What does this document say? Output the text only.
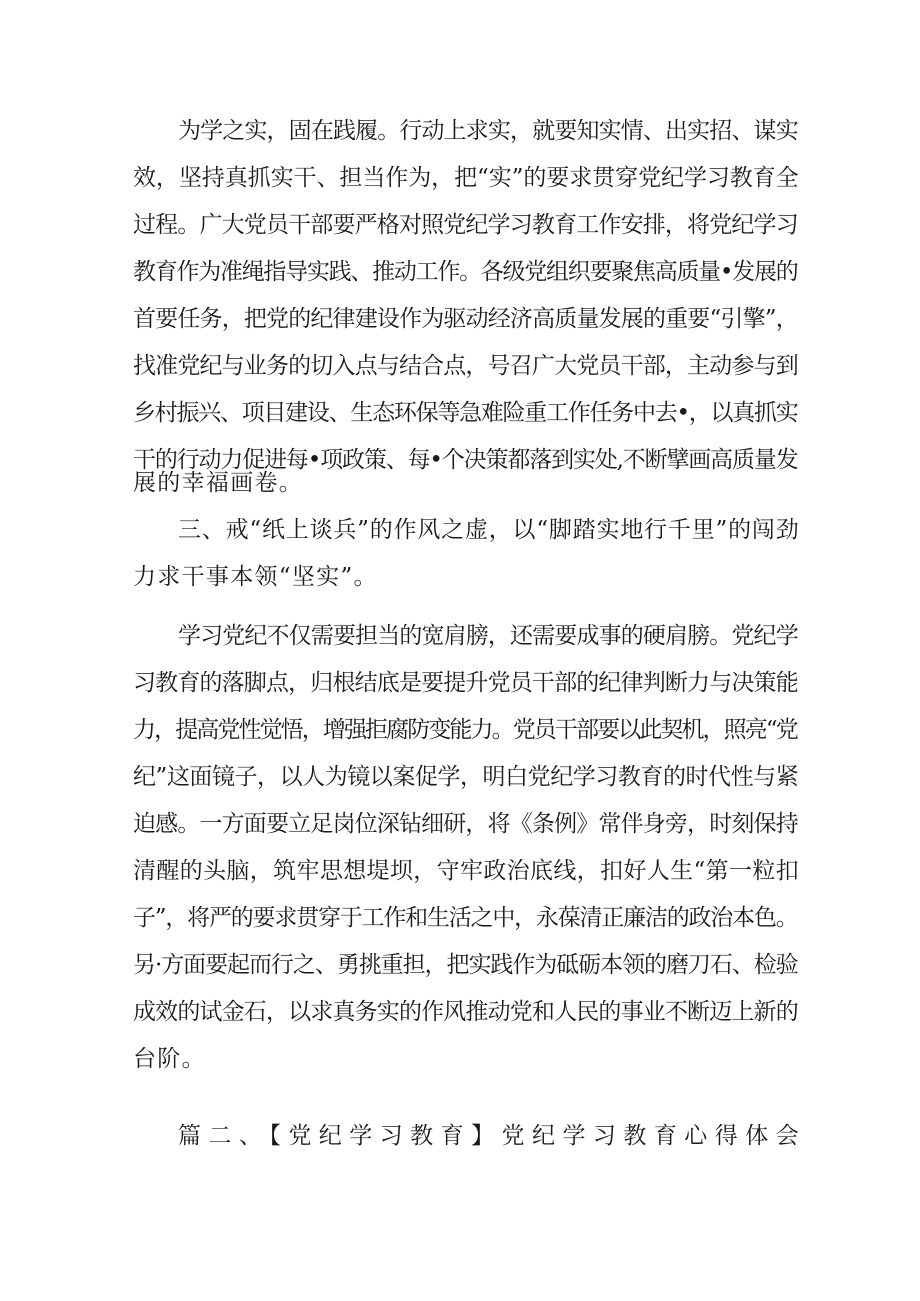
为学之实，固在践履。行动上求实，就要知实情、出实招、谋实
效，坚持真抓实干、担当作为，把“实”的要求贯穿党纪学习教育全
过程。广大党员干部要严格对照党纪学习教育工作安排，将党纪学习
教育作为准绳指导实践、推动工作。各级党组织要聚焦高质量•发展的
首要任务，把党的纪律建设作为驱动经济高质量发展的重要“引擎”，
找准党纪与业务的切入点与结合点，号召广大党员干部，主动参与到
乡村振兴、项目建设、生态环保等急难险重工作任务中去•，以真抓实
干的行动力促进每•项政策、每•个决策都落到实处,不断擘画高质量发
展的幸福画卷。
三、戒“纸上谈兵”的作风之虚，以“脚踏实地行千里”的闯劲
力求干事本领“坚实”。
学习党纪不仅需要担当的宽肩膀，还需要成事的硬肩膀。党纪学
习教育的落脚点，归根结底是要提升党员干部的纪律判断力与决策能
力，提高党性觉悟，增强拒腐防变能力。党员干部要以此契机，照亮“党
纪”这面镜子，以人为镜以案促学，明白党纪学习教育的时代性与紧
迫感。一方面要立足岗位深钻细研，将《条例》常伴身旁，时刻保持
清醒的头脑，筑牢思想堤坝，守牢政治底线，扣好人生“第一粒扣
子”，将严的要求贯穿于工作和生活之中，永葆清正廉洁的政治本色。
另·方面要起而行之、勇挑重担，把实践作为砥砺本领的磨刀石、检验
成效的试金石，以求真务实的作风推动党和人民的事业不断迈上新的
台阶。
篇二、【党纪学习教育】党纪学习教育心得体会
